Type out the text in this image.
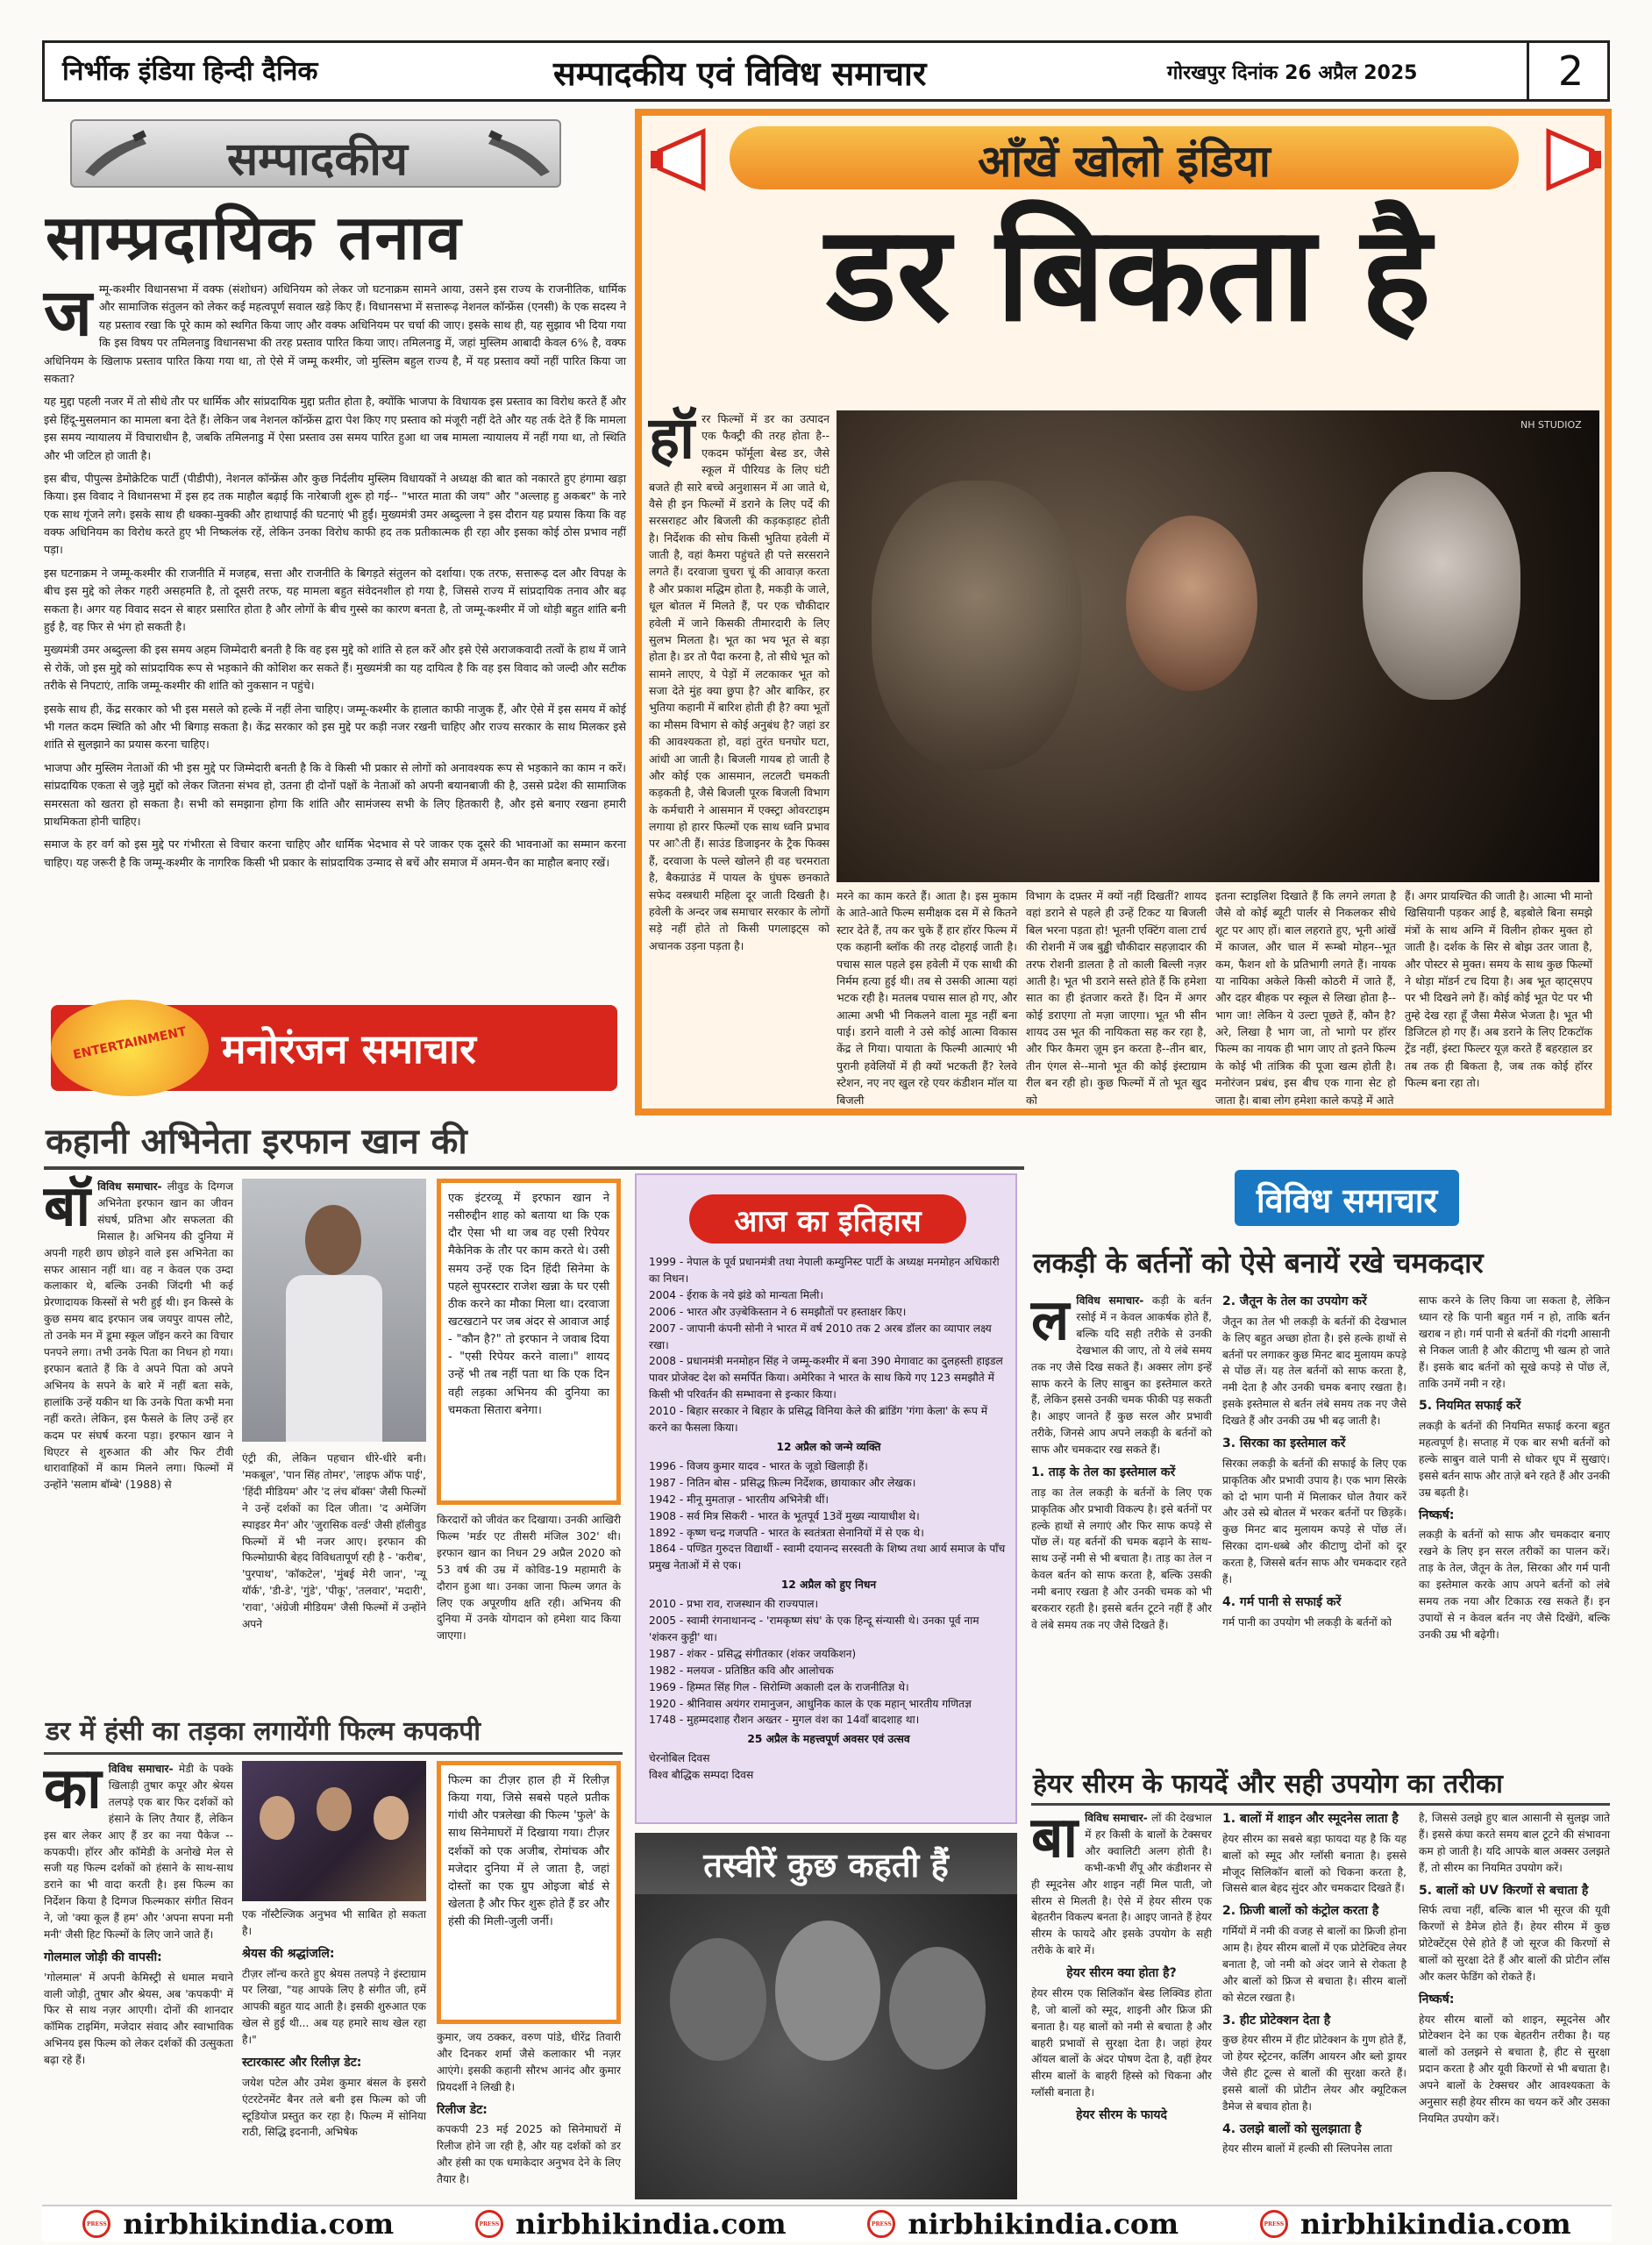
निर्भीक इंडिया हिन्दी दैनिक	सम्पादकीय एवं विविध समाचार	गोरखपुर दिनांक 26 अप्रैल 2025	2
सम्पादकीय
साम्प्रदायिक तनाव
ज म्मू-कश्मीर विधानसभा में वक्फ (संशोधन) अधिनियम को लेकर जो घटनाक्रम सामने आया, उसने इस राज्य के राजनीतिक, धार्मिक और सामाजिक संतुलन को लेकर कई महत्वपूर्ण सवाल खड़े किए हैं। विधानसभा में सत्तारूढ़ नेशनल कॉन्फ्रेंस (एनसी) के एक सदस्य ने यह प्रस्ताव रखा कि पूरे काम को स्थगित किया जाए और वक्फ अधिनियम पर चर्चा की जाए। इसके साथ ही, यह सुझाव भी दिया गया कि इस विषय पर तमिलनाडु विधानसभा की तरह प्रस्ताव पारित किया जाए। तमिलनाडु में, जहां मुस्लिम आबादी केवल 6% है, वक्फ अधिनियम के खिलाफ प्रस्ताव पारित किया गया था, तो ऐसे में जम्मू कश्मीर, जो मुस्लिम बहुल राज्य है, में यह प्रस्ताव क्यों नहीं पारित किया जा सकता?

यह मुद्दा पहली नजर में तो सीधे तौर पर धार्मिक और सांप्रदायिक मुद्दा प्रतीत होता है, क्योंकि भाजपा के विधायक इस प्रस्ताव का विरोध करते हैं और इसे हिंदू-मुसलमान का मामला बना देते हैं। लेकिन जब नेशनल कॉन्फ्रेंस द्वारा पेश किए गए प्रस्ताव को मंजूरी नहीं देते और यह तर्क देते हैं कि मामला इस समय न्यायालय में विचाराधीन है, जबकि तमिलनाडु में ऐसा प्रस्ताव उस समय पारित हुआ था जब मामला न्यायालय में नहीं गया था, तो स्थिति और भी जटिल हो जाती है।

इस बीच, पीपुल्स डेमोक्रेटिक पार्टी (पीडीपी), नेशनल कॉन्फ्रेंस और कुछ निर्दलीय मुस्लिम विधायकों ने अध्यक्ष की बात को नकारते हुए हंगामा खड़ा किया। इस विवाद ने विधानसभा में इस हद तक माहौल बढ़ाई कि नारेबाजी शुरू हो गई-- "भारत माता की जय" और "अल्लाह हु अकबर" के नारे एक साथ गूंजने लगे। इसके साथ ही धक्का-मुक्की और हाथापाई की घटनाएं भी हुईं। मुख्यमंत्री उमर अब्दुल्ला ने इस दौरान यह प्रयास किया कि वह वक्फ अधिनियम का विरोध करते हुए भी निष्कलंक रहें, लेकिन उनका विरोध काफी हद तक प्रतीकात्मक ही रहा और इसका कोई ठोस प्रभाव नहीं पड़ा।

इस घटनाक्रम ने जम्मू-कश्मीर की राजनीति में मजहब, सत्ता और राजनीति के बिगड़ते संतुलन को दर्शाया। एक तरफ, सत्तारूढ़ दल और विपक्ष के बीच इस मुद्दे को लेकर गहरी असहमति है, तो दूसरी तरफ, यह मामला बहुत संवेदनशील हो गया है, जिससे राज्य में सांप्रदायिक तनाव और बढ़ सकता है। अगर यह विवाद सदन से बाहर प्रसारित होता है और लोगों के बीच गुस्से का कारण बनता है, तो जम्मू-कश्मीर में जो थोड़ी बहुत शांति बनी हुई है, वह फिर से भंग हो सकती है।

मुख्यमंत्री उमर अब्दुल्ला की इस समय अहम जिम्मेदारी बनती है कि वह इस मुद्दे को शांति से हल करें और इसे ऐसे अराजकवादी तत्वों के हाथ में जाने से रोकें, जो इस मुद्दे को सांप्रदायिक रूप से भड़काने की कोशिश कर सकते हैं। मुख्यमंत्री का यह दायित्व है कि वह इस विवाद को जल्दी और सटीक तरीके से निपटाएं, ताकि जम्मू-कश्मीर की शांति को नुकसान न पहुंचे।

इसके साथ ही, केंद्र सरकार को भी इस मसले को हल्के में नहीं लेना चाहिए। जम्मू-कश्मीर के हालात काफी नाजुक हैं, और ऐसे में इस समय में कोई भी गलत कदम स्थिति को और भी बिगाड़ सकता है। केंद्र सरकार को इस मुद्दे पर कड़ी नजर रखनी चाहिए और राज्य सरकार के साथ मिलकर इसे शांति से सुलझाने का प्रयास करना चाहिए।

भाजपा और मुस्लिम नेताओं की भी इस मुद्दे पर जिम्मेदारी बनती है कि वे किसी भी प्रकार से लोगों को अनावश्यक रूप से भड़काने का काम न करें। सांप्रदायिक एकता से जुड़े मुद्दों को लेकर जितना संभव हो, उतना ही दोनों पक्षों के नेताओं को अपनी बयानबाजी की है, उससे प्रदेश की सामाजिक समरसता को खतरा हो सकता है। सभी को समझाना होगा कि शांति और सामंजस्य सभी के लिए हितकारी है, और इसे बनाए रखना हमारी प्राथमिकता होनी चाहिए।

समाज के हर वर्ग को इस मुद्दे पर गंभीरता से विचार करना चाहिए और धार्मिक भेदभाव से परे जाकर एक दूसरे की भावनाओं का सम्मान करना चाहिए। यह जरूरी है कि जम्मू-कश्मीर के नागरिक किसी भी प्रकार के सांप्रदायिक उन्माद से बचें और समाज में अमन-चैन का माहौल बनाए रखें।

आँखें खोलो इंडिया
डर बिकता है
NH STUDIOZ
हॉ रर फिल्मों में डर का उत्पादन एक फैक्ट्री की तरह होता है--एकदम फॉर्मूला बेस्ड डर, जैसे स्कूल में पीरियड के लिए घंटी बजते ही सारे बच्चे अनुशासन में आ जाते थे, वैसे ही इन फिल्मों में डराने के लिए पर्दे की सरसराहट और बिजली की कड़कड़ाहट होती है। निर्देशक की सोच किसी भुतिया हवेली में जाती है, वहां कैमरा पहुंचते ही पत्ते सरसराने लगते हैं। दरवाजा चुचरा चूं की आवाज़ करता है और प्रकाश मद्धिम होता है, मकड़ी के जाले, धूल बोतल में मिलते हैं, पर एक चौकीदार हवेली में जाने किसकी तीमारदारी के लिए सुलभ मिलता है। भूत का भय भूत से बड़ा होता है। डर तो पैदा करना है, तो सीधे भूत को सामने लाएए, ये पेड़ों में लटकाकर भूत को सजा देते मुंह क्या छुपा है? और बाकिर, हर भुतिया कहानी में बारिश होती ही है? क्या भूतों का मौसम विभाग से कोई अनुबंध है? जहां डर की आवश्यकता हो, वहां तुरंत घनघोर घटा, आंधी आ जाती है। बिजली गायब हो जाती है और कोई एक आसमान, लटलटी चमकती कड़कती है, जैसे बिजली पूरक बिजली विभाग के कर्मचारी ने आसमान में एक्स्ट्रा ओवरटाइम लगाया हो हारर फिल्मों एक साथ ध्वनि प्रभाव पर आैती हैं। साउंड डिजाइनर के ट्रैक फिक्स हैं, दरवाजा के पल्ले खोलने ही वह चरमराता है, बैकग्राउंड में पायल के घुंघरू छनकाते सफेद वस्त्रधारी महिला दूर जाती दिखती है। हवेली के अन्दर जब समाचार सरकार के लोगों सड़े नहीं होते तो किसी पगलाइट्स को अचानक उड़ना पड़ता है।
मरने का काम करते हैं। आता है। इस मुकाम के आते-आते फिल्म समीक्षक दस में से कितने स्टार देते हैं, तय कर चुके हैं हार हॉरर फिल्म में एक कहानी ब्लॉक की तरह दोहराई जाती है। पचास साल पहले इस हवेली में एक साथी की निर्मम हत्या हुई थी। तब से उसकी आत्मा यहां भटक रही है। मतलब पचास साल हो गए, और आत्मा अभी भी निकलने वाला मूड नहीं बना पाई। डराने वाली ने उसे कोई आत्मा विकास केंद्र ले गिया। पायाता के फिल्मी आत्माएं भी पुरानी हवेलियों में ही क्यों भटकती हैं? रेलवे स्टेशन, नए नए खुल रहे एयर कंडीशन मॉल या बिजली
विभाग के दफ़्तर में क्यों नहीं दिखतीं? शायद वहां डराने से पहले ही उन्हें टिकट या बिजली बिल भरना पड़ता हो! भूतनी एक्टिंग वाला टार्च की रोशनी में जब बुड्ढी चौकीदार सहज़ादार की तरफ रोशनी डालता है तो काली बिल्ली नज़र आती है। भूत भी डराने सस्ते होते हैं कि हमेशा सात का ही इंतजार करते हैं। दिन में अगर कोई डराएगा तो मज़ा जाएगा। भूत भी सीन शायद उस भूत की नायिकता सह कर रहा है, और फिर कैमरा ज़ूम इन करता है--तीन बार, तीन एंगल से--मानो भूत की कोई इंस्टाग्राम रील बन रही हो। कुछ फिल्मों में तो भूत खुद को
इतना स्टाइलिश दिखाते हैं कि लगने लगता है जैसे वो कोई ब्यूटी पार्लर से निकलकर सीधे शूट पर आए हों। बाल लहराते हुए, भूनी आंखें में काजल, और चाल में रूम्बो मोहन--भूत कम, फैशन शो के प्रतिभागी लगते हैं। नायक या नायिका अकेले किसी कोठरी में जाते हैं, और दहर बीहक पर स्कूल से लिखा होता है--भाग जा! लेकिन ये उल्टा पूछते हैं, कौन है? अरे, लिखा है भाग जा, तो भागो पर हॉरर फिल्म का नायक ही भाग जाए तो इतने फिल्म के कोई भी तांत्रिक की पूजा खत्म होती है। मनोरंजन प्रबंध, इस बीच एक गाना सेट हो जाता है। बाबा लोग हमेशा काले कपड़े में आते
हैं। अगर प्रायश्चित की जाती है। आत्मा भी मानो खिसियानी पड़कर आई है, बड़बोले बिना समझे मंत्रों के साथ अग्नि में विलीन होकर मुक्त हो जाती है। दर्शक के सिर से बोझ उतर जाता है, और पोस्टर से मुक्त। समय के साथ कुछ फिल्मों ने थोड़ा मॉडर्न टच दिया है। अब भूत व्हाट्सएप पर भी दिखने लगे हैं। कोई कोई भूत पेट पर भी तुम्हे देख रहा हूँ जैसा मैसेज भेजता है। भूत भी डिजिटल हो गए हैं। अब डराने के लिए टिकटॉक ट्रेंड नहीं, इंस्टा फिल्टर यूज़ करते हैं बहरहाल डर तब तक ही बिकता है, जब तक कोई हॉरर फिल्म बना रहा तो।
ENTERTAINMENT मनोरंजन समाचार
कहानी अभिनेता इरफान खान की
बॉ विविध समाचार- लीवुड के दिग्गज अभिनेता इरफान खान का जीवन संघर्ष, प्रतिभा और सफलता की मिसाल है। अभिनय की दुनिया में अपनी गहरी छाप छोड़ने वाले इस अभिनेता का सफर आसान नहीं था। वह न केवल एक उम्दा कलाकार थे, बल्कि उनकी जिंदगी भी कई प्रेरणादायक किस्सों से भरी हुई थी। इन किस्से के कुछ समय बाद इरफान जब जयपुर वापस लौटे, तो उनके मन में डूमा स्कूल जॉइन करने का विचार पनपने लगा। तभी उनके पिता का निधन हो गया। इरफान बताते हैं कि वे अपने पिता को अपने अभिनय के सपने के बारे में नहीं बता सके, हालांकि उन्हें यकीन था कि उनके पिता कभी मना नहीं करते। लेकिन, इस फैसले के लिए उन्हें हर कदम पर संघर्ष करना पड़ा। इरफान खान ने थिएटर से शुरुआत की और फिर टीवी धारावाहिकों में काम मिलने लगा। फिल्मों में उन्होंने 'सलाम बॉम्बे' (1988) से
एंट्री की, लेकिन पहचान धीरे-धीरे बनी। 'मकबूल', 'पान सिंह तोमर', 'लाइफ ऑफ पाई', 'हिंदी मीडियम' और 'द लंच बॉक्स' जैसी फिल्मों ने उन्हें दर्शकों का दिल जीता। 'द अमेजिंग स्पाइडर मैन' और 'जुरासिक वर्ल्ड' जैसी हॉलीवुड फिल्मों में भी नजर आए। इरफान की फिल्मोग्राफी बेहद विविधतापूर्ण रही है - 'करीब', 'पुरपाथ', 'कॉकटेल', 'मुंबई मेरी जान', 'न्यू यॉर्क', 'डी-डे', 'गुंडे', 'पीकू', 'तलवार', 'मदारी', 'रावा', 'अंग्रेजी मीडियम' जैसी फिल्मों में उन्होंने अपने
एक इंटरव्यू में इरफान खान ने नसीरुद्दीन शाह को बताया था कि एक दौर ऐसा भी था जब वह एसी रिपेयर मैकेनिक के तौर पर काम करते थे। उसी समय उन्हें एक दिन हिंदी सिनेमा के पहले सुपरस्टार राजेश खन्ना के घर एसी ठीक करने का मौका मिला था। दरवाजा खटखटाने पर जब अंदर से आवाज आई - "कौन है?" तो इरफान ने जवाब दिया - "एसी रिपेयर करने वाला।" शायद उन्हें भी तब नहीं पता था कि एक दिन वही लड़का अभिनय की दुनिया का चमकता सितारा बनेगा।
किरदारों को जीवंत कर दिखाया। उनकी आखिरी फिल्म 'मर्डर एट तीसरी मंजिल 302' थी। इरफान खान का निधन 29 अप्रैल 2020 को 53 वर्ष की उम्र में कोविड-19 महामारी के दौरान हुआ था। उनका जाना फिल्म जगत के लिए एक अपूरणीय क्षति रही। अभिनय की दुनिया में उनके योगदान को हमेशा याद किया जाएगा।
डर में हंसी का तड़का लगायेंगी फिल्म कपकपी
का विविध समाचार- मेडी के पक्के खिलाड़ी तुषार कपूर और श्रेयस तलपड़े एक बार फिर दर्शकों को हंसाने के लिए तैयार हैं, लेकिन इस बार लेकर आए हैं डर का नया पैकेज -- कपकपी। हॉरर और कॉमेडी के अनोखे मेल से सजी यह फिल्म दर्शकों को हंसाने के साथ-साथ डराने का भी वादा करती है। इस फिल्म का निर्देशन किया है दिग्गज फिल्मकार संगीत सिवन ने, जो 'क्या कूल हैं हम' और 'अपना सपना मनी मनी' जैसी हिट फिल्मों के लिए जाने जाते हैं।
गोलमाल जोड़ी की वापसी:
'गोलमाल' में अपनी केमिस्ट्री से धमाल मचाने वाली जोड़ी, तुषार और श्रेयस, अब 'कपकपी' में फिर से साथ नज़र आएगी। दोनों की शानदार कॉमिक टाइमिंग, मजेदार संवाद और स्वाभाविक अभिनय इस फिल्म को लेकर दर्शकों की उत्सुकता बढ़ा रहे हैं।
एक नॉस्टैल्जिक अनुभव भी साबित हो सकता है।
श्रेयस की श्रद्धांजलि:
टीज़र लॉन्च करते हुए श्रेयस तलपड़े ने इंस्टाग्राम पर लिखा, "यह आपके लिए है संगीत जी, हमें आपकी बहुत याद आती है। इसकी शुरुआत एक खेल से हुई थी... अब यह हमारे साथ खेल रहा है।"
स्टारकास्ट और रिलीज़ डेट:
जयेश पटेल और उमेश कुमार बंसल के इसरो एंटरटेनमेंट बैनर तले बनी इस फिल्म को जी स्टूडियोज प्रस्तुत कर रहा है। फिल्म में सोनिया राठी, सिद्धि इदनानी, अभिषेक
फिल्म का टीज़र हाल ही में रिलीज़ किया गया, जिसे सबसे पहले प्रतीक गांधी और पत्रलेखा की फिल्म 'फुले' के साथ सिनेमाघरों में दिखाया गया। टीज़र दर्शकों को एक अजीब, रोमांचक और मजेदार दुनिया में ले जाता है, जहां दोस्तों का एक ग्रुप ओइजा बोर्ड से खेलता है और फिर शुरू होते हैं डर और हंसी की मिली-जुली जर्नी।
कुमार, जय ठक्कर, वरुण पांडे, धीरेंद्र तिवारी और दिनकर शर्मा जैसे कलाकार भी नज़र आएंगे। इसकी कहानी सौरभ आनंद और कुमार प्रियदर्शी ने लिखी है।
रिलीज डेट:
कपकपी 23 मई 2025 को सिनेमाघरों में रिलीज होने जा रही है, और यह दर्शकों को डर और हंसी का एक धमाकेदार अनुभव देने के लिए तैयार है।
आज का इतिहास
1999 - नेपाल के पूर्व प्रधानमंत्री तथा नेपाली कम्युनिस्ट पार्टी के अध्यक्ष मनमोहन अधिकारी का निधन।
2004 - ईराक के नये झंडे को मान्यता मिली।
2006 - भारत और उज़्बेकिस्तान ने 6 समझौतों पर हस्ताक्षर किए।
2007 - जापानी कंपनी सोनी ने भारत में वर्ष 2010 तक 2 अरब डॉलर का व्यापार लक्ष्य रखा।
2008 - प्रधानमंत्री मनमोहन सिंह ने जम्मू-कश्मीर में बना 390 मेगावाट का दुलहस्ती हाइडल पावर प्रोजेक्ट देश को समर्पित किया। अमेरिका ने भारत के साथ किये गए 123 समझौते में किसी भी परिवर्तन की सम्भावना से इन्कार किया।
2010 - बिहार सरकार ने बिहार के प्रसिद्ध विनिया केले की ब्रांडिंग 'गंगा केला' के रूप में करने का फैसला किया।
12 अप्रैल को जन्मे व्यक्ति
1996 - विजय कुमार यादव - भारत के जूडो खिलाड़ी हैं।
1987 - नितिन बोस - प्रसिद्ध फ़िल्म निर्देशक, छायाकार और लेखक।
1942 - मीनू मुमताज़ - भारतीय अभिनेत्री थीं।
1908 - सर्व मित्र सिकरी - भारत के भूतपूर्व 13वें मुख्य न्यायाधीश थे।
1892 - कृष्ण चन्द्र गजपति - भारत के स्वतंत्रता सेनानियों में से एक थे।
1864 - पण्डित गुरुदत्त विद्यार्थी - स्वामी दयानन्द सरस्वती के शिष्य तथा आर्य समाज के पाँच प्रमुख नेताओं में से एक।
12 अप्रैल को हुए निधन
2010 - प्रभा राव, राजस्थान की राज्यपाल।
2005 - स्वामी रंगनाथानन्द - 'रामकृष्ण संघ' के एक हिन्दू संन्यासी थे। उनका पूर्व नाम 'शंकरन कुट्टी' था।
1987 - शंकर - प्रसिद्ध संगीतकार (शंकर जयकिशन)
1982 - मलयज - प्रतिष्ठित कवि और आलोचक
1969 - हिम्मत सिंह गिल - सिरोम्णि अकाली दल के राजनीतिज्ञ थे।
1920 - श्रीनिवास अयंगर रामानुजन, आधुनिक काल के एक महान् भारतीय गणितज्ञ
1748 - मुहम्मदशाह रौशन अख्तर - मुगल वंश का 14वाँ बादशाह था।
25 अप्रैल के महत्त्वपूर्ण अवसर एवं उत्सव
चेरनोबिल दिवस
विश्व बौद्धिक सम्पदा दिवस
तस्वीरें कुछ कहती हैं
विविध समाचार
लकड़ी के बर्तनों को ऐसे बनायें रखे चमकदार
ल विविध समाचार- कड़ी के बर्तन रसोई में न केवल आकर्षक होते हैं, बल्कि यदि सही तरीके से उनकी देखभाल की जाए, तो ये लंबे समय तक नए जैसे दिख सकते हैं। अक्सर लोग इन्हें साफ करने के लिए साबुन का इस्तेमाल करते हैं, लेकिन इससे उनकी चमक फीकी पड़ सकती है। आइए जानते हैं कुछ सरल और प्रभावी तरीके, जिनसे आप अपने लकड़ी के बर्तनों को साफ और चमकदार रख सकते हैं।
1. ताड़ के तेल का इस्तेमाल करें
ताड़ का तेल लकड़ी के बर्तनों के लिए एक प्राकृतिक और प्रभावी विकल्प है। इसे बर्तनों पर हल्के हाथों से लगाएं और फिर साफ कपड़े से पोंछ लें। यह बर्तनों की चमक बढ़ाने के साथ-साथ उन्हें नमी से भी बचाता है। ताड़ का तेल न केवल बर्तन को साफ करता है, बल्कि उसकी नमी बनाए रखता है और उनकी चमक को भी बरकरार रहती है। इससे बर्तन टूटने नहीं हैं और वे लंबे समय तक नए जैसे दिखते हैं।
2. जैतून के तेल का उपयोग करें
जैतून का तेल भी लकड़ी के बर्तनों की देखभाल के लिए बहुत अच्छा होता है। इसे हल्के हाथों से बर्तनों पर लगाकर कुछ मिनट बाद मुलायम कपड़े से पोंछ लें। यह तेल बर्तनों को साफ करता है, नमी देता है और उनकी चमक बनाए रखता है। इसके इस्तेमाल से बर्तन लंबे समय तक नए जैसे दिखते हैं और उनकी उम्र भी बढ़ जाती है।
3. सिरका का इस्तेमाल करें
सिरका लकड़ी के बर्तनों की सफाई के लिए एक प्राकृतिक और प्रभावी उपाय है। एक भाग सिरके को दो भाग पानी में मिलाकर घोल तैयार करें और उसे स्प्रे बोतल में भरकर बर्तनों पर छिड़कें। कुछ मिनट बाद मुलायम कपड़े से पोंछ लें। सिरका दाग-धब्बे और कीटाणु दोनों को दूर करता है, जिससे बर्तन साफ और चमकदार रहते हैं।
4. गर्म पानी से सफाई करें
गर्म पानी का उपयोग भी लकड़ी के बर्तनों को
साफ करने के लिए किया जा सकता है, लेकिन ध्यान रहे कि पानी बहुत गर्म न हो, ताकि बर्तन खराब न हो। गर्म पानी से बर्तनों की गंदगी आसानी से निकल जाती है और कीटाणु भी खत्म हो जाते हैं। इसके बाद बर्तनों को सूखे कपड़े से पोंछ लें, ताकि उनमें नमी न रहे।
5. नियमित सफाई करें
लकड़ी के बर्तनों की नियमित सफाई करना बहुत महत्वपूर्ण है। सप्ताह में एक बार सभी बर्तनों को हल्के साबुन वाले पानी से धोकर धूप में सुखाएं। इससे बर्तन साफ और ताज़े बने रहते हैं और उनकी उम्र बढ़ती है।
निष्कर्ष:
लकड़ी के बर्तनों को साफ और चमकदार बनाए रखने के लिए इन सरल तरीकों का पालन करें। ताड़ के तेल, जैतून के तेल, सिरका और गर्म पानी का इस्तेमाल करके आप अपने बर्तनों को लंबे समय तक नया और टिकाऊ रख सकते हैं। इन उपायों से न केवल बर्तन नए जैसे दिखेंगे, बल्कि उनकी उम्र भी बढ़ेगी।
हेयर सीरम के फायदें और सही उपयोग का तरीका
बा विविध समाचार- लों की देखभाल में हर किसी के बालों के टेक्सचर और क्वालिटी अलग होती है। कभी-कभी शैंपू और कंडीशनर से ही स्मूदनेस और शाइन नहीं मिल पाती, जो सीरम से मिलती है। ऐसे में हेयर सीरम एक बेहतरीन विकल्प बनता है। आइए जानते हैं हेयर सीरम के फायदे और इसके उपयोग के सही तरीके के बारे में।
हेयर सीरम क्या होता है?
हेयर सीरम एक सिलिकॉन बेस्ड लिक्विड होता है, जो बालों को स्मूद, शाइनी और फ्रिज फ्री बनाता है। यह बालों को नमी से बचाता है और बाहरी प्रभावों से सुरक्षा देता है। जहां हेयर ऑयल बालों के अंदर पोषण देता है, वहीं हेयर सीरम बालों के बाहरी हिस्से को चिकना और ग्लॉसी बनाता है।
हेयर सीरम के फायदे
1. बालों में शाइन और स्मूदनेस लाता है
हेयर सीरम का सबसे बड़ा फायदा यह है कि यह बालों को स्मूद और ग्लॉसी बनाता है। इससे मौजूद सिलिकॉन बालों को चिकना करता है, जिससे बाल बेहद सुंदर और चमकदार दिखते हैं।
2. फ्रिजी बालों को कंट्रोल करता है
गर्मियों में नमी की वजह से बालों का फ्रिजी होना आम है। हेयर सीरम बालों में एक प्रोटेक्टिव लेयर बनाता है, जो नमी को अंदर जाने से रोकता है और बालों को फ्रिज से बचाता है। सीरम बालों को सेटल रखता है।
3. हीट प्रोटेक्शन देता है
कुछ हेयर सीरम में हीट प्रोटेक्शन के गुण होते हैं, जो हेयर स्ट्रेटनर, कर्लिंग आयरन और ब्लो ड्रायर जैसे हीट टूल्स से बालों की सुरक्षा करते हैं। इससे बालों की प्रोटीन लेयर और क्यूटिकल डैमेज से बचाव होता है।
4. उलझे बालों को सुलझाता है
हेयर सीरम बालों में हल्की सी स्लिपनेस लाता
है, जिससे उलझे हुए बाल आसानी से सुलझ जाते हैं। इससे कंघा करते समय बाल टूटने की संभावना कम हो जाती है। यदि आपके बाल अक्सर उलझते हैं, तो सीरम का नियमित उपयोग करें।
5. बालों को UV किरणों से बचाता है
सिर्फ त्वचा नहीं, बल्कि बाल भी सूरज की यूवी किरणों से डैमेज होते हैं। हेयर सीरम में कुछ प्रोटेक्टेंट्स ऐसे होते हैं जो सूरज की किरणों से बालों को सुरक्षा देते हैं और बालों की प्रोटीन लॉस और कलर फेडिंग को रोकते हैं।
निष्कर्ष:
हेयर सीरम बालों को शाइन, स्मूदनेस और प्रोटेक्शन देने का एक बेहतरीन तरीका है। यह बालों को उलझने से बचाता है, हीट से सुरक्षा प्रदान करता है और यूवी किरणों से भी बचाता है। अपने बालों के टेक्सचर और आवश्यकता के अनुसार सही हेयर सीरम का चयन करें और उसका नियमित उपयोग करें।
PRESS nirbhikindia.com	PRESS nirbhikindia.com	PRESS nirbhikindia.com	PRESS nirbhikindia.com
